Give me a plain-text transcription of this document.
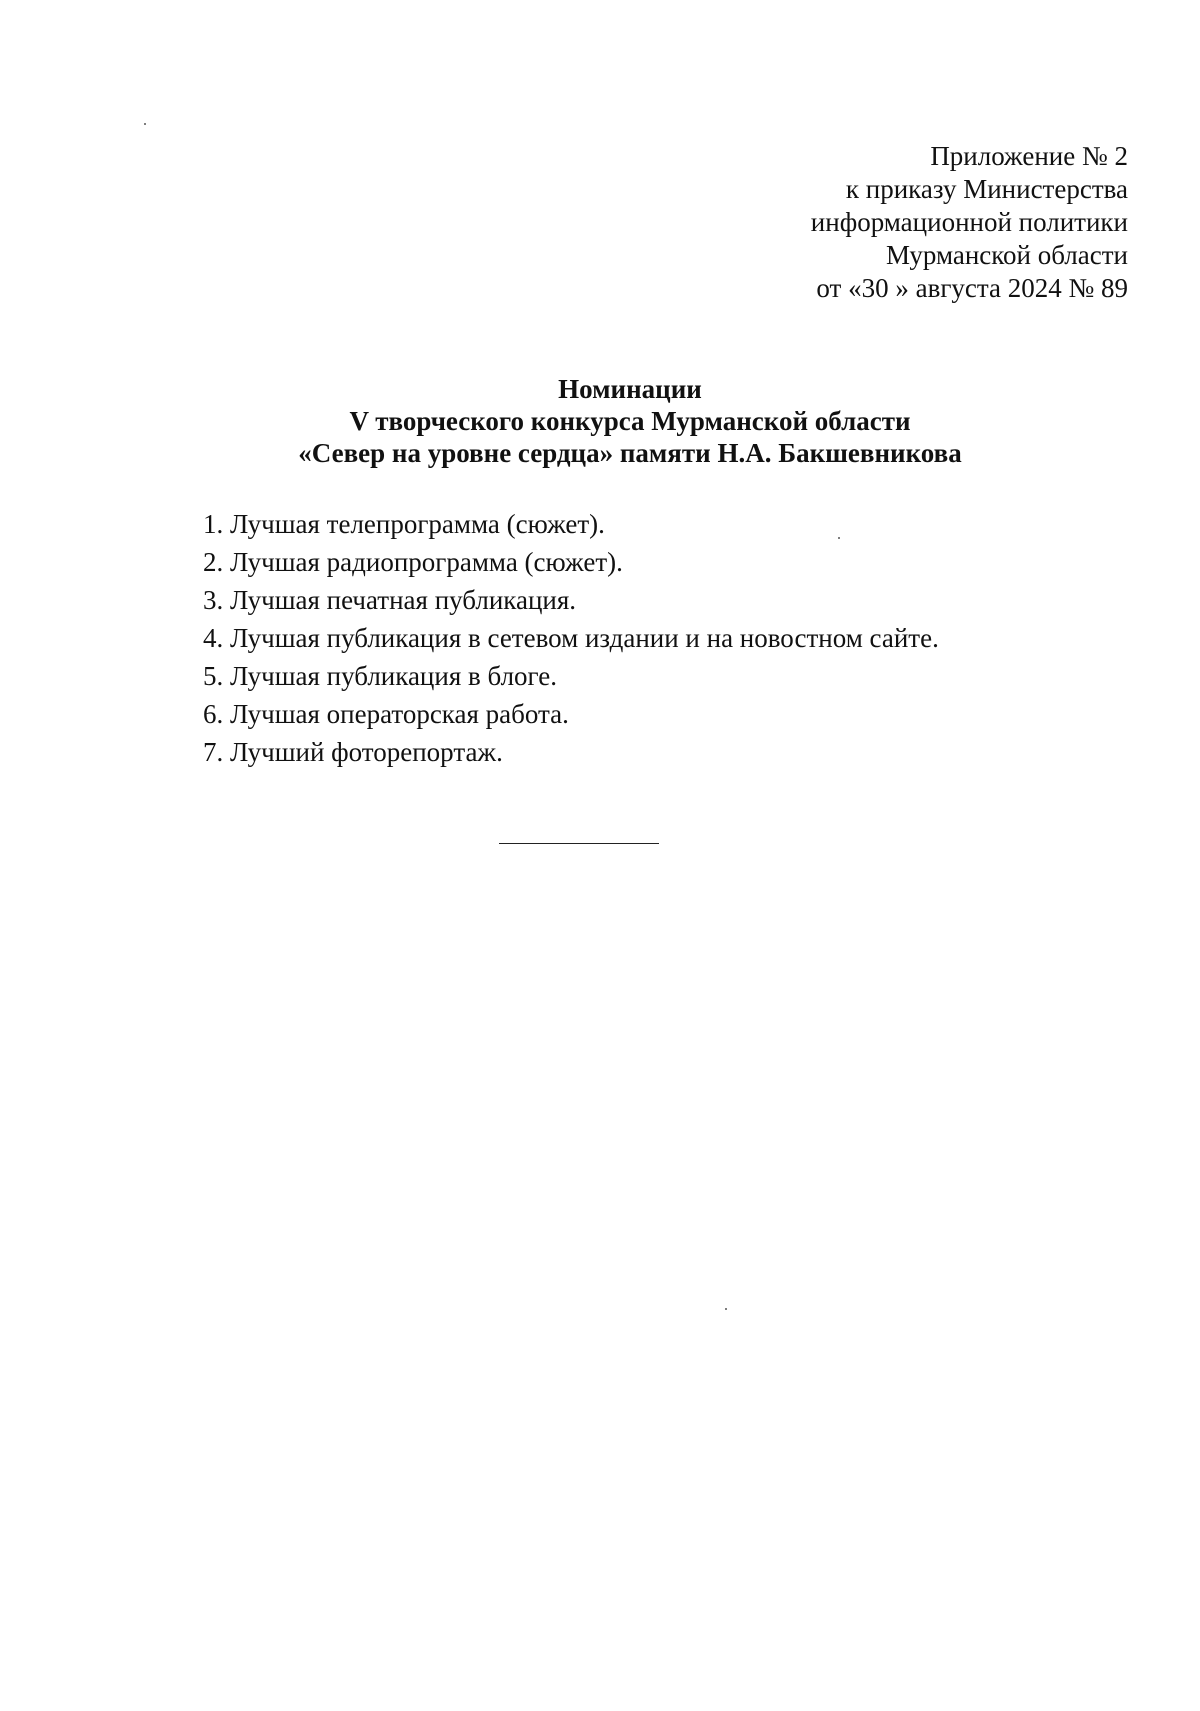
Приложение № 2
к приказу Министерства
информационной политики
Мурманской области
от «30 » августа 2024 № 89
Номинации
V творческого конкурса Мурманской области
«Север на уровне сердца» памяти Н.А. Бакшевникова
1. Лучшая телепрограмма (сюжет).
2. Лучшая радиопрограмма (сюжет).
3. Лучшая печатная публикация.
4. Лучшая публикация в сетевом издании и на новостном сайте.
5. Лучшая публикация в блоге.
6. Лучшая операторская работа.
7. Лучший фоторепортаж.
